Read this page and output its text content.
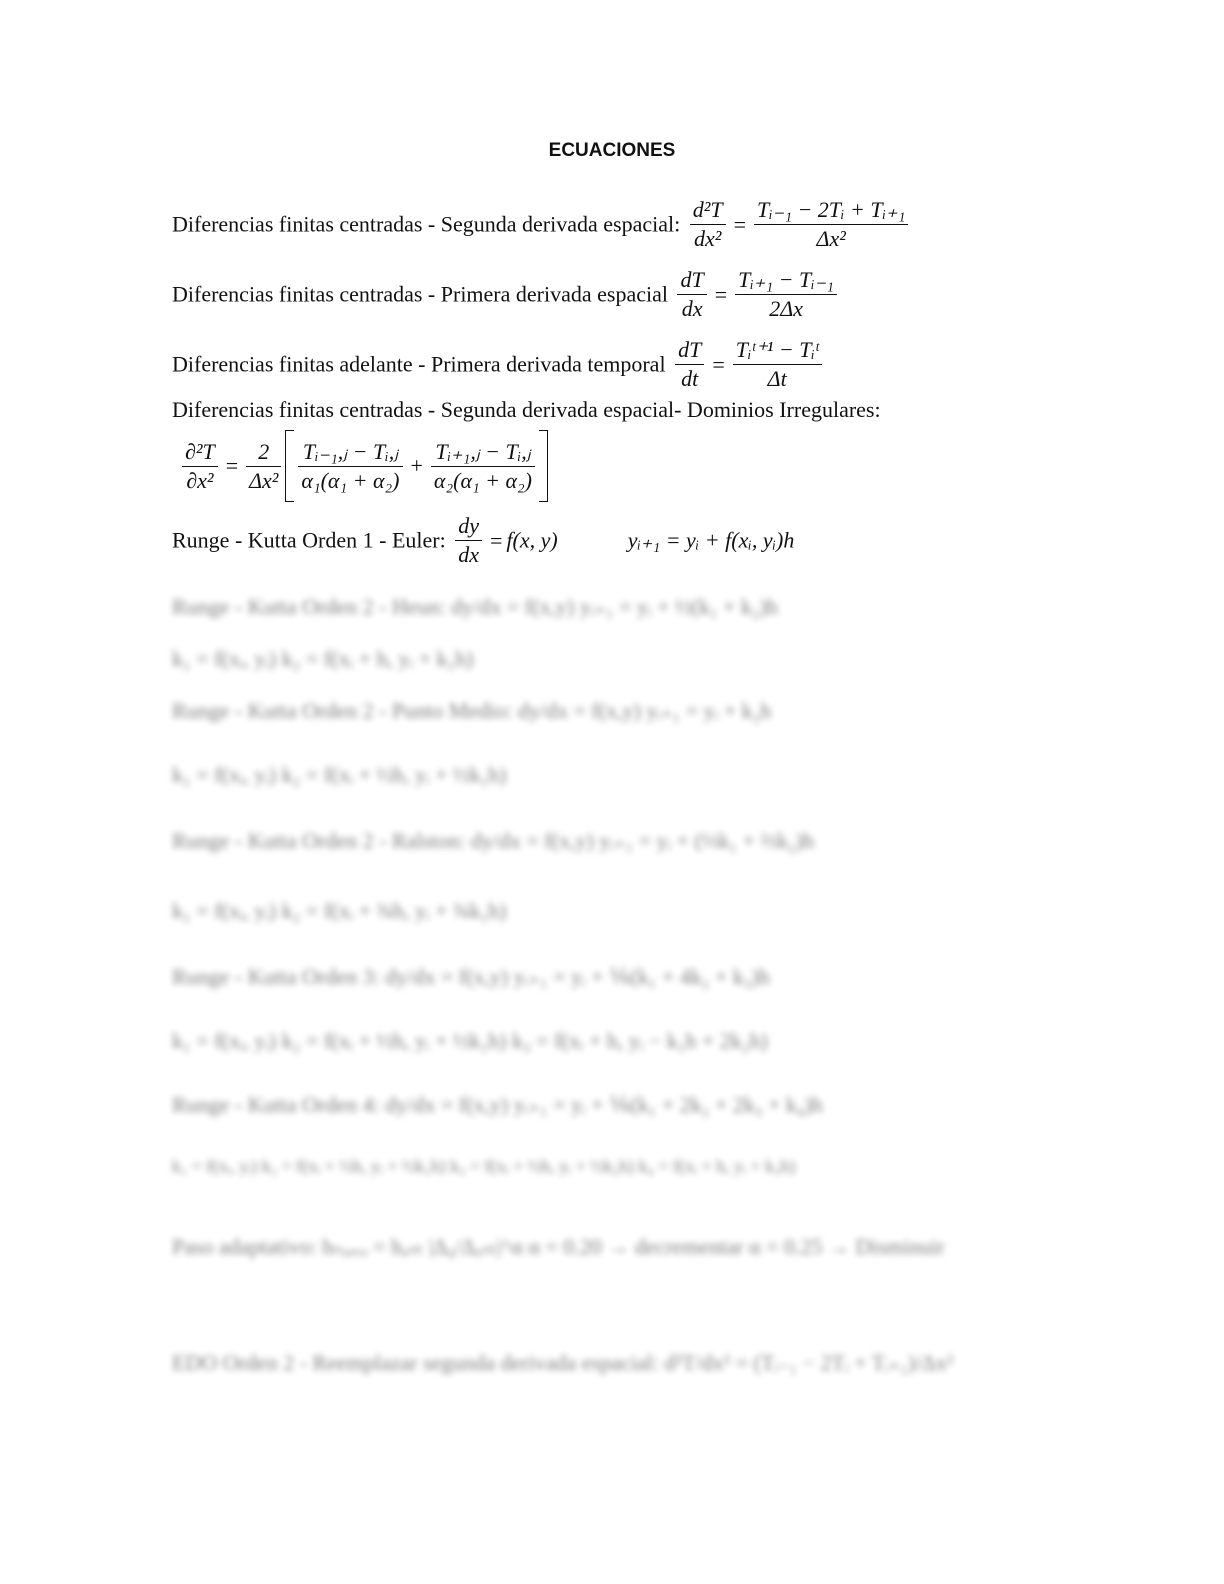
ECUACIONES
Diferencias finitas centradas - Segunda derivada espacial: $\frac{\text{d²T}}{\text{dx²}} = \frac{\text{Tᵢ₋₁ − 2Tᵢ + Tᵢ₊₁}}{\text{Δx²}}$
Diferencias finitas centradas - Primera derivada espacial $\frac{dT}{dx} = \frac{\text{Tᵢ₊₁ − Tᵢ₋₁}}{2\Delta x}$
Diferencias finitas adelante - Primera derivada temporal $\frac{dT}{dt} = \frac{\text{Tᵢᵗ⁺¹ − Tᵢᵗ}}{\Delta t}$
Diferencias finitas centradas - Segunda derivada espacial- Dominios Irregulares:
$\frac{\text{∂²T}}{\text{∂x²}} = \frac{2}{\text{Δx²}} \frac{\text{Tᵢ₋₁,ⱼ − Tᵢ,ⱼ}}{\text{α₁(α₁ + α₂)}} + \frac{\text{Tᵢ₊₁,ⱼ − Tᵢ,ⱼ}}{\text{α₂(α₁ + α₂)}}$
Runge - Kutta Orden 1 - Euler: $\frac{dy}{dx} = f(x$, y)	yᵢ₊₁ = yᵢ + f(xᵢ, yᵢ)h
Runge - Kutta Orden 2 - Heun: dy/dx = f(x,y) yᵢ₊₁ = yᵢ + ½(k₁ + k₂)h
k₁ = f(xᵢ, yᵢ) k₂ = f(xᵢ + h, yᵢ + k₁h)
Runge - Kutta Orden 2 - Punto Medio: dy/dx = f(x,y) yᵢ₊₁ = yᵢ + k₂h
k₁ = f(xᵢ, yᵢ) k₂ = f(xᵢ + ½h, yᵢ + ½k₁h)
Runge - Kutta Orden 2 - Ralston: dy/dx = f(x,y) yᵢ₊₁ = yᵢ + (⅓k₁ + ⅔k₂)h
k₁ = f(xᵢ, yᵢ) k₂ = f(xᵢ + ¾h, yᵢ + ¾k₁h)
Runge - Kutta Orden 3: dy/dx = f(x,y) yᵢ₊₁ = yᵢ + ⅙(k₁ + 4k₂ + k₃)h
k₁ = f(xᵢ, yᵢ) k₂ = f(xᵢ + ½h, yᵢ + ½k₁h) k₃ = f(xᵢ + h, yᵢ − k₁h + 2k₂h)
Runge - Kutta Orden 4: dy/dx = f(x,y) yᵢ₊₁ = yᵢ + ⅙(k₁ + 2k₂ + 2k₃ + k₄)h
k₁ = f(xᵢ, yᵢ) k₂ = f(xᵢ + ½h, yᵢ + ½k₁h) k₃ = f(xᵢ + ½h, yᵢ + ½k₂h) k₄ = f(xᵢ + h, yᵢ + k₃h)
Paso adaptativo: hₙᵤₑᵥₒ = hₐₙₜ |Δ₀/Δₐₙₜ|^α α = 0.20 → decrementar α = 0.25 → Disminuir
EDO Orden 2 - Reemplazar segunda derivada espacial: d²T/dx² = (Tᵢ₋₁ − 2Tᵢ + Tᵢ₊₁)/Δx²
